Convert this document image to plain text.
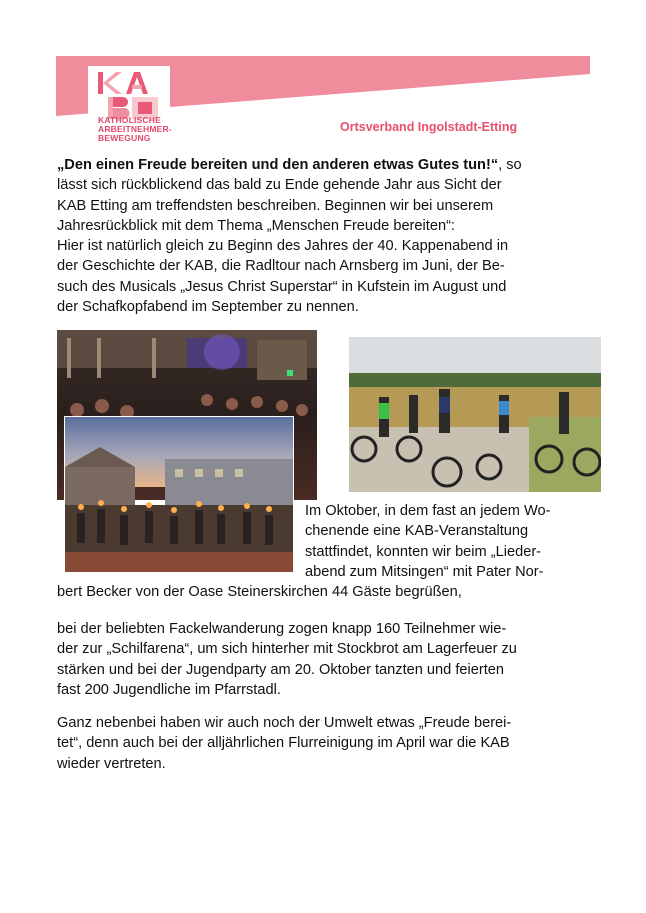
KATHOLISCHE
ARBEITNEHMER-
BEWEGUNG
Ortsverband Ingolstadt-Etting
„Den einen Freude bereiten und den anderen etwas Gutes tun!“, so
lässt sich rückblickend das bald zu Ende gehende Jahr aus Sicht der
KAB Etting am treffendsten beschreiben. Beginnen wir bei unserem
Jahresrückblick mit dem Thema „Menschen Freude bereiten“:
Hier ist natürlich gleich zu Beginn des Jahres der 40. Kappenabend in
der Geschichte der KAB, die Radltour nach Arnsberg im Juni, der Be-
such des Musicals „Jesus Christ Superstar“ in Kufstein im August und
der Schafkopfabend im September zu nennen.
Im Oktober, in dem fast an jedem Wo-
chenende eine KAB-Veranstaltung
stattfindet, konnten wir beim „Lieder-
abend zum Mitsingen“ mit Pater Nor-
bert Becker von der Oase Steinerskirchen 44 Gäste begrüßen,
bei der beliebten Fackelwanderung zogen knapp 160 Teilnehmer wie-
der zur „Schilfarena“, um sich hinterher mit Stockbrot am Lagerfeuer zu
stärken und bei der Jugendparty am 20. Oktober tanzten und feierten
fast 200 Jugendliche im Pfarrstadl.
Ganz nebenbei haben wir auch noch der Umwelt etwas „Freude berei-
tet“, denn auch bei der alljährlichen Flurreinigung im April war die KAB
wieder vertreten.
